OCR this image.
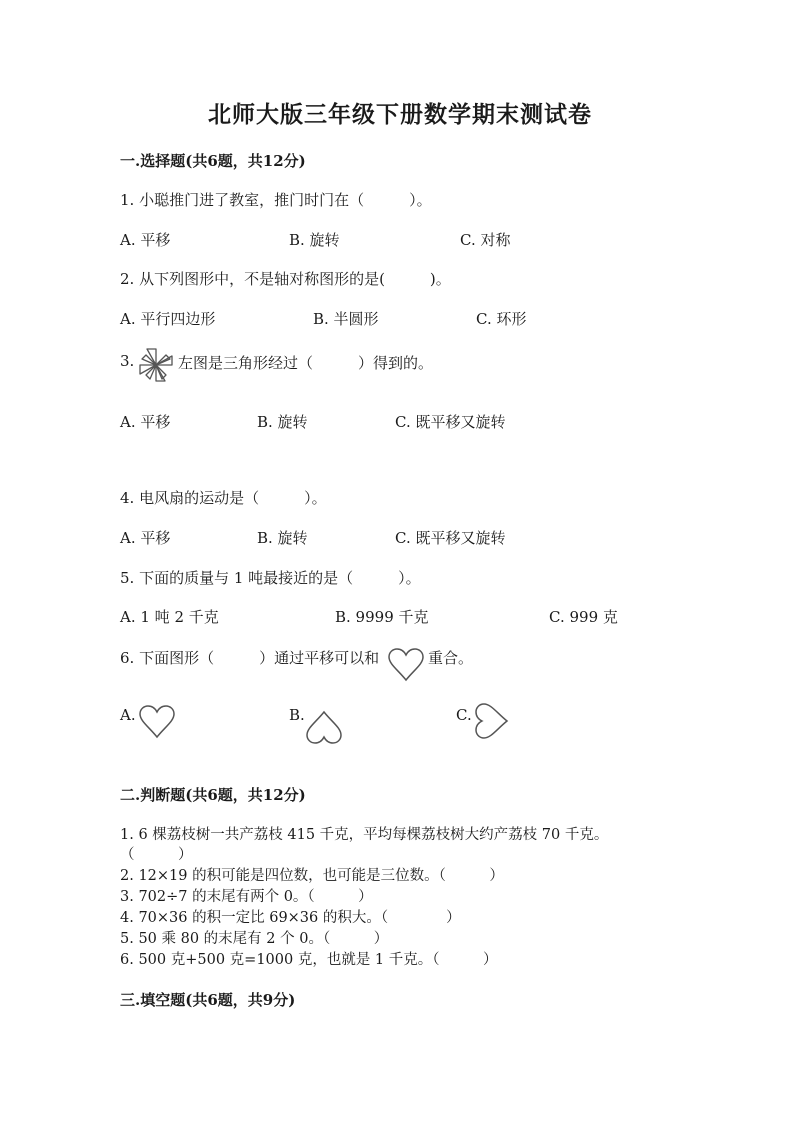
北师大版三年级下册数学期末测试卷
一.选择题(共6题，共12分)
1. 小聪推门进了教室，推门时门在（　　　）。
A. 平移	B. 旋转	C. 对称
2. 从下列图形中，不是轴对称图形的是(　　　)。
A. 平行四边形	B. 半圆形	C. 环形
3.	左图是三角形经过（　　　）得到的。
A. 平移	B. 旋转	C. 既平移又旋转
4. 电风扇的运动是（　　　）。
A. 平移	B. 旋转	C. 既平移又旋转
5. 下面的质量与 1 吨最接近的是（　　　）。
A. 1 吨 2 千克	B. 9999 千克	C. 999 克
6. 下面图形（　　　）通过平移可以和	重合。
A.	B.	C.
二.判断题(共6题，共12分)
1. 6 棵荔枝树一共产荔枝 415 千克，平均每棵荔枝树大约产荔枝 70 千克。
（　　　）
2. 12×19 的积可能是四位数，也可能是三位数。（　　　）
3. 702÷7 的末尾有两个 0。（　　　）
4. 70×36 的积一定比 69×36 的积大。（　　　　）
5. 50 乘 80 的末尾有 2 个 0。（　　　）
6. 500 克+500 克=1000 克，也就是 1 千克。（　　　）
三.填空题(共6题，共9分)
